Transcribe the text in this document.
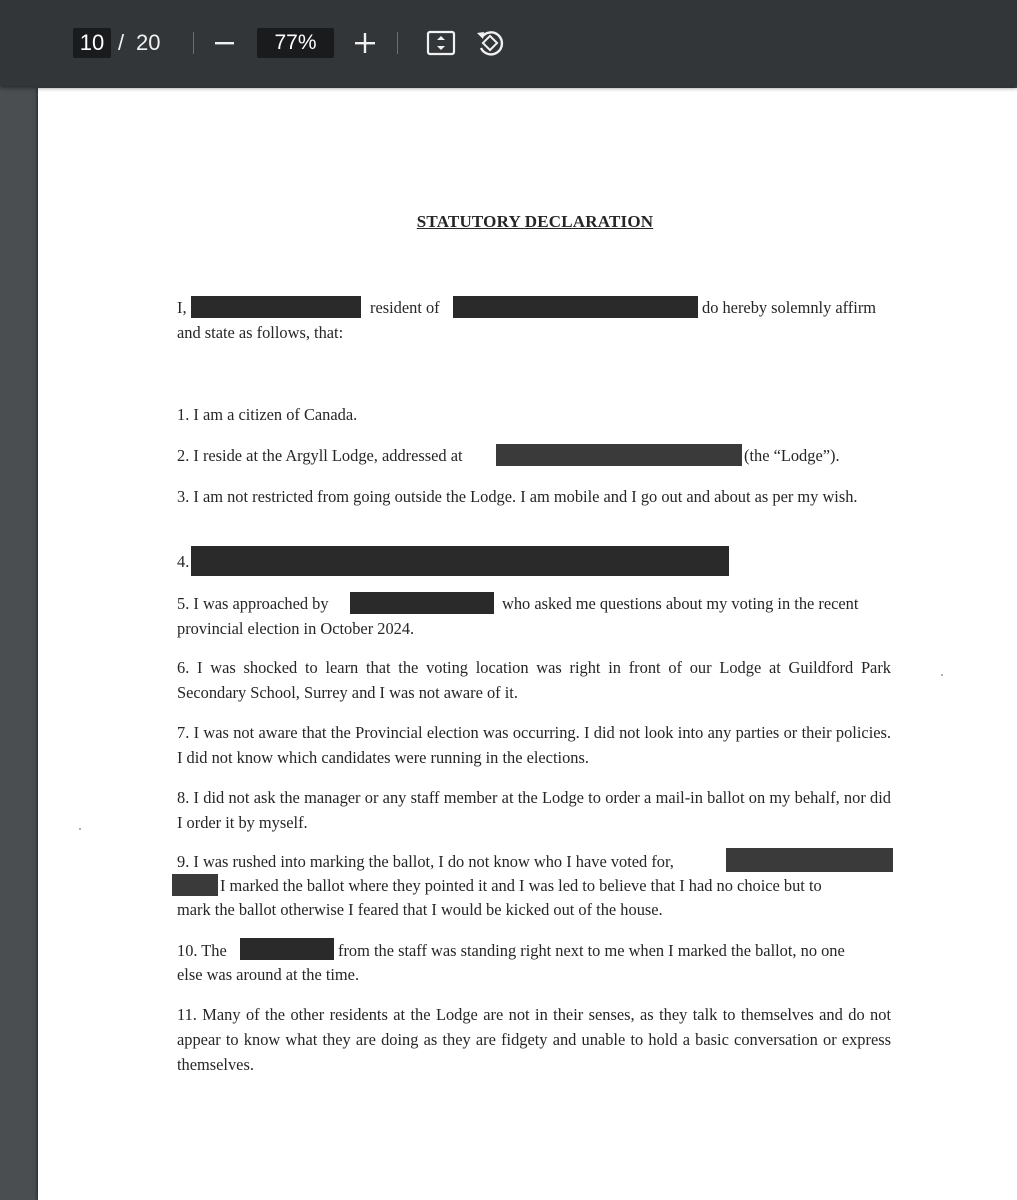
10 / 20	77%
STATUTORY DECLARATION
I,	resident of	do hereby solemnly affirm
and state as follows, that:
1. I am a citizen of Canada.
2. I reside at the Argyll Lodge, addressed at	(the “Lodge”).
3. I am not restricted from going outside the Lodge. I am mobile and I go out and about as per my wish.
4.
5. I was approached by	who asked me questions about my voting in the recent
provincial election in October 2024.
6. I was shocked to learn that the voting location was right in front of our Lodge at Guildford Park Secondary School, Surrey and I was not aware of it.
7. I was not aware that the Provincial election was occurring. I did not look into any parties or their policies. I did not know which candidates were running in the elections.
8. I did not ask the manager or any staff member at the Lodge to order a mail-in ballot on my behalf, nor did I order it by myself.
9. I was rushed into marking the ballot, I do not know who I have voted for,
I marked the ballot where they pointed it and I was led to believe that I had no choice but to
mark the ballot otherwise I feared that I would be kicked out of the house.
10. The	from the staff was standing right next to me when I marked the ballot, no one
else was around at the time.
11. Many of the other residents at the Lodge are not in their senses, as they talk to themselves and do not appear to know what they are doing as they are fidgety and unable to hold a basic conversation or express themselves.
